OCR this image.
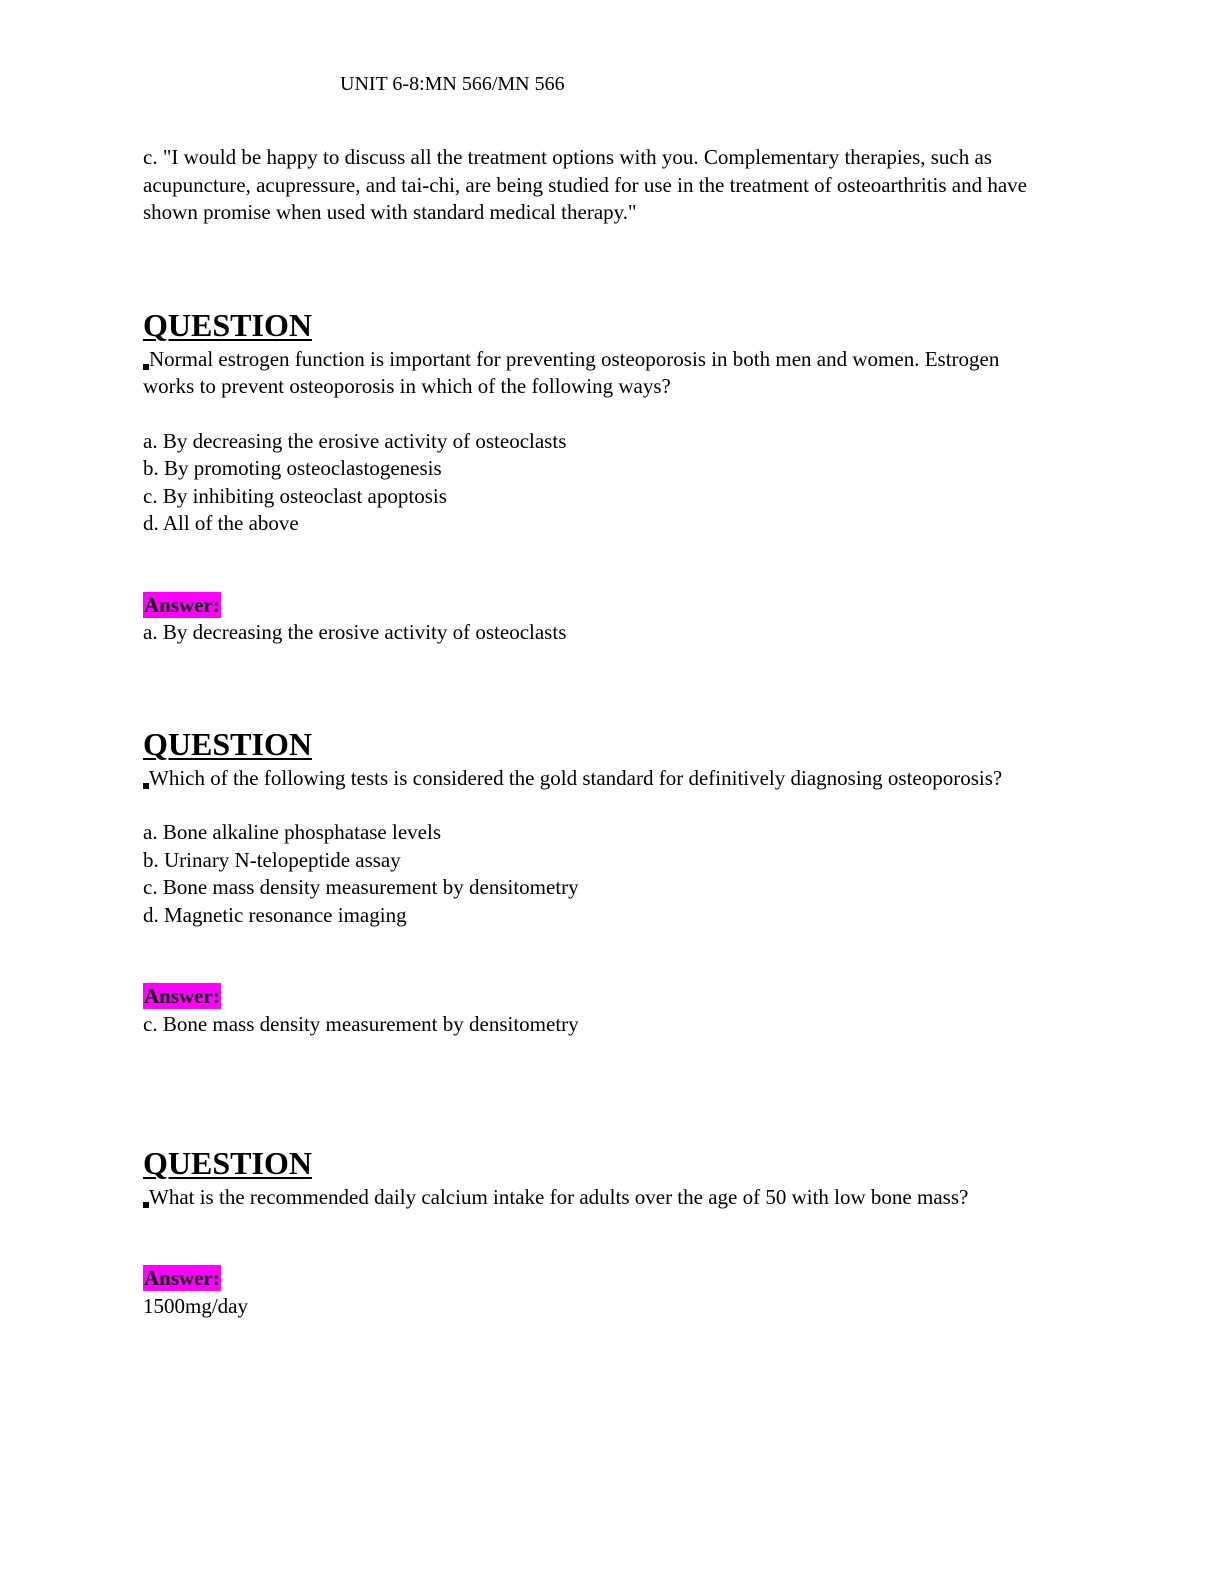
UNIT 6-8:MN 566/MN 566
c. "I would be happy to discuss all the treatment options with you. Complementary therapies, such as acupuncture, acupressure, and tai-chi, are being studied for use in the treatment of osteoarthritis and have shown promise when used with standard medical therapy."
QUESTION
Normal estrogen function is important for preventing osteoporosis in both men and women. Estrogen works to prevent osteoporosis in which of the following ways?
a. By decreasing the erosive activity of osteoclasts
b. By promoting osteoclastogenesis
c. By inhibiting osteoclast apoptosis
d. All of the above
Answer:
a. By decreasing the erosive activity of osteoclasts
QUESTION
Which of the following tests is considered the gold standard for definitively diagnosing osteoporosis?
a. Bone alkaline phosphatase levels
b. Urinary N-telopeptide assay
c. Bone mass density measurement by densitometry
d. Magnetic resonance imaging
Answer:
c. Bone mass density measurement by densitometry
QUESTION
What is the recommended daily calcium intake for adults over the age of 50 with low bone mass?
Answer:
1500mg/day
